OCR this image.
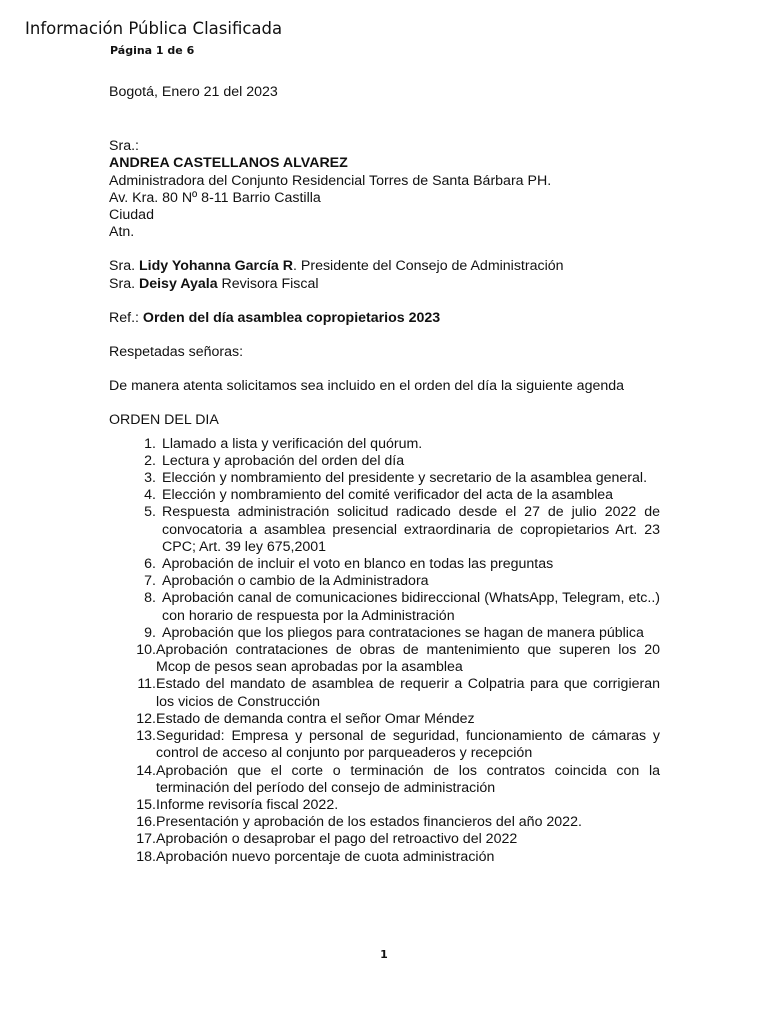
Información Pública Clasificada
Página 1 de 6

Bogotá, Enero 21 del 2023

Sra.:

ANDREA CASTELLANOS ALVAREZ

Administradora del Conjunto Residencial Torres de Santa Bárbara PH.

Av. Kra. 80 Nº 8-11 Barrio Castilla

Ciudad

Atn.

Sra. Lidy Yohanna García R. Presidente del Consejo de Administración

Sra. Deisy Ayala Revisora Fiscal

Ref.: Orden del día asamblea copropietarios 2023

Respetadas señoras:

De manera atenta solicitamos sea incluido en el orden del día la siguiente agenda

ORDEN DEL DIA

1. Llamado a lista y verificación del quórum.
2. Lectura y aprobación del orden del día
3. Elección y nombramiento del presidente y secretario de la asamblea general.
4. Elección y nombramiento del comité verificador del acta de la asamblea
5. Respuesta administración solicitud radicado desde el 27 de julio 2022 de convocatoria a asamblea presencial extraordinaria de copropietarios Art. 23 CPC; Art. 39 ley 675,2001
6. Aprobación de incluir el voto en blanco en todas las preguntas
7. Aprobación o cambio de la Administradora
8. Aprobación canal de comunicaciones bidireccional (WhatsApp, Telegram, etc..) con horario de respuesta por la Administración
9. Aprobación que los pliegos para contrataciones se hagan de manera pública
10. Aprobación contrataciones de obras de mantenimiento que superen los 20 Mcop de pesos sean aprobadas por la asamblea
11. Estado del mandato de asamblea de requerir a Colpatria para que corrigieran los vicios de Construcción
12. Estado de demanda contra el señor Omar Méndez
13. Seguridad: Empresa y personal de seguridad, funcionamiento de cámaras y control de acceso al conjunto por parqueaderos y recepción
14. Aprobación que el corte o terminación de los contratos coincida con la terminación del período del consejo de administración
15. Informe revisoría fiscal 2022.
16. Presentación y aprobación de los estados financieros del año 2022.
17. Aprobación o desaprobar el pago del retroactivo del 2022
18. Aprobación nuevo porcentaje de cuota administración
1
